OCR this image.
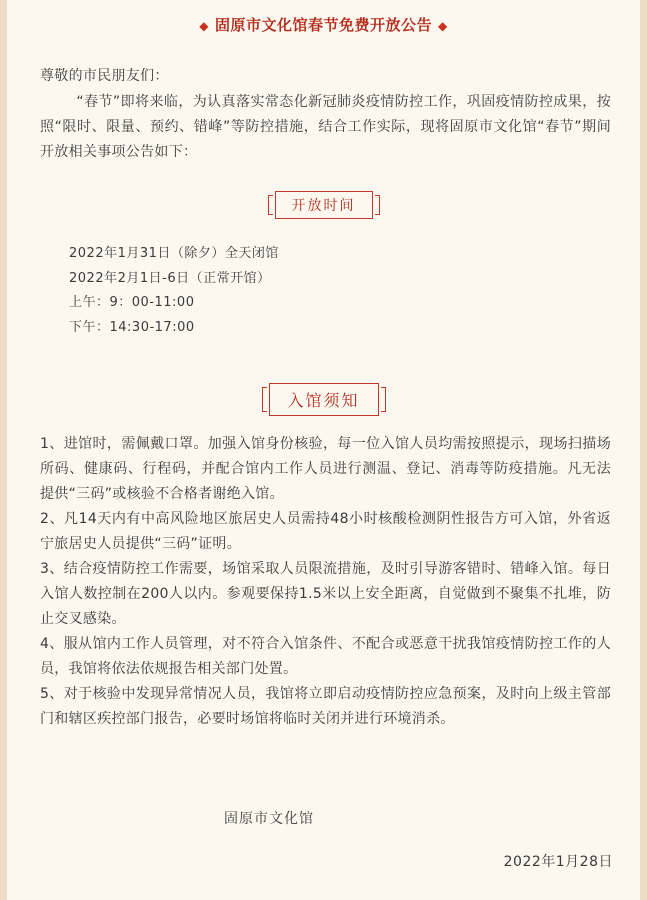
◆ 固原市文化馆春节免费开放公告 ◆
尊敬的市民朋友们：
“春节”即将来临，为认真落实常态化新冠肺炎疫情防控工作，巩固疫情防控成果，按照“限时、限量、预约、错峰”等防控措施，结合工作实际，现将固原市文化馆“春节”期间开放相关事项公告如下：
开放时间
2022年1月31日（除夕）全天闭馆
2022年2月1日-6日（正常开馆）
上午：9：00-11:00
下午：14:30-17:00
入馆须知

1、进馆时，需佩戴口罩。加强入馆身份核验，每一位入馆人员均需按照提示，现场扫描场所码、健康码、行程码，并配合馆内工作人员进行测温、登记、消毒等防疫措施。凡无法提供“三码”或核验不合格者谢绝入馆。

2、凡14天内有中高风险地区旅居史人员需持48小时核酸检测阴性报告方可入馆，外省返宁旅居史人员提供“三码”证明。

3、结合疫情防控工作需要，场馆采取人员限流措施，及时引导游客错时、错峰入馆。每日入馆人数控制在200人以内。参观要保持1.5米以上安全距离，自觉做到不聚集不扎堆，防止交叉感染。

4、服从馆内工作人员管理，对不符合入馆条件、不配合或恶意干扰我馆疫情防控工作的人员，我馆将依法依规报告相关部门处置。

5、对于核验中发现异常情况人员，我馆将立即启动疫情防控应急预案，及时向上级主管部门和辖区疾控部门报告，必要时场馆将临时关闭并进行环境消杀。

固原市文化馆
2022年1月28日
